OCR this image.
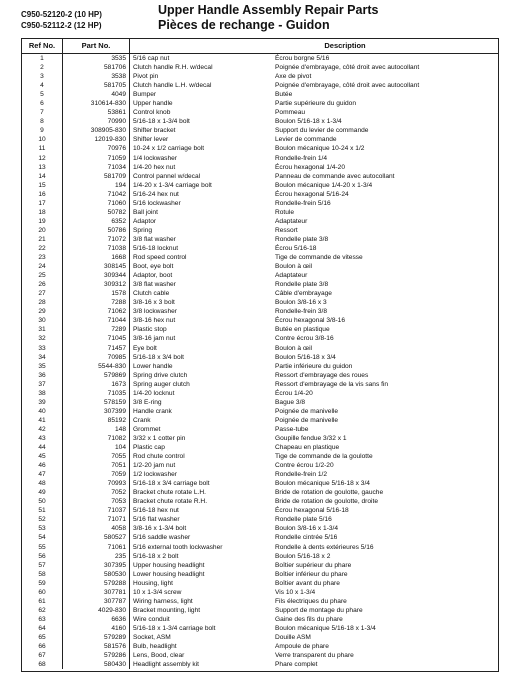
C950-52120-2 (10 HP)
C950-52112-2 (12 HP)
Upper Handle Assembly Repair Parts
Pièces de rechange - Guidon
Ref No.	Part No.	Description
1	3535	5/16 cap nut	Écrou borgne 5/16
2	581706	Clutch handle R.H. w/decal	Poignée d'embrayage, côté droit avec autocollant
3	3538	Pivot pin	Axe de pivot
4	581705	Clutch handle L.H. w/decal	Poignée d'embrayage, côté droit avec autocollant
5	4049	Bumper	Butée
6	310614-830	Upper handle	Partie supérieure du guidon
7	53861	Control knob	Pommeau
8	70990	5/16-18 x 1-3/4 bolt	Boulon 5/16-18 x 1-3/4
9	308905-830	Shifter bracket	Support du levier de commande
10	12019-830	Shifter lever	Levier de commande
11	70976	10-24 x 1/2 carriage bolt	Boulon mécanique 10-24 x 1/2
12	71059	1/4 lockwasher	Rondelle-frein 1/4
13	71034	1/4-20 hex nut	Écrou hexagonal 1/4-20
14	581709	Control pannel w/decal	Panneau de commande avec autocollant
15	194	1/4-20 x 1-3/4 carriage bolt	Boulon mécanique 1/4-20 x 1-3/4
16	71042	5/16-24 hex nut	Écrou hexagonal 5/16-24
17	71060	5/16 lockwasher	Rondelle-frein 5/16
18	50782	Ball joint	Rotule
19	6352	Adaptor	Adaptateur
20	50786	Spring	Ressort
21	71072	3/8 flat washer	Rondelle plate 3/8
22	71038	5/16-18 locknut	Écrou 5/16-18
23	1668	Rod speed control	Tige de commande de vitesse
24	308145	Boot, eye bolt	Boulon à œil
25	309344	Adaptor, boot	Adaptateur
26	309312	3/8 flat washer	Rondelle plate 3/8
27	1578	Clutch cable	Câble d'embrayage
28	7288	3/8-16 x 3 bolt	Boulon 3/8-16 x 3
29	71062	3/8 lockwasher	Rondelle-frein 3/8
30	71044	3/8-16 hex nut	Écrou hexagonal 3/8-16
31	7289	Plastic stop	Butée en plastique
32	71045	3/8-16 jam nut	Contre écrou 3/8-16
33	71457	Eye bolt	Boulon à œil
34	70985	5/16-18 x 3/4 bolt	Boulon 5/16-18 x 3/4
35	5544-830	Lower handle	Partie inférieure du guidon
36	579869	Spring drive clutch	Ressort d'embrayage des roues
37	1673	Spring auger clutch	Ressort d'embrayage de la vis sans fin
38	71035	1/4-20 locknut	Écrou 1/4-20
39	578159	3/8 E-ring	Bague 3/8
40	307399	Handle crank	Poignée de manivelle
41	85192	Crank	Poignée de manivelle
42	148	Grommet	Passe-tube
43	71082	3/32 x 1 cotter pin	Goupille fendue 3/32 x 1
44	104	Plastic cap	Chapeau en plastique
45	7055	Rod chute control	Tige de commande de la goulotte
46	7051	1/2-20 jam nut	Contre écrou 1/2-20
47	7059	1/2 lockwasher	Rondelle-frein 1/2
48	70993	5/16-18 x 3/4 carriage bolt	Boulon mécanique 5/16-18 x 3/4
49	7052	Bracket chute rotate L.H.	Bride de rotation de goulotte, gauche
50	7053	Bracket chute rotate R.H.	Bride de rotation de goulotte, droite
51	71037	5/16-18 hex nut	Écrou hexagonal 5/16-18
52	71071	5/16 flat washer	Rondelle plate 5/16
53	4058	3/8-16 x 1-3/4 bolt	Boulon 3/8-16 x 1-3/4
54	580527	5/16 saddle washer	Rondelle cintrée 5/16
55	71061	5/16 external tooth lockwasher	Rondelle à dents extérieures 5/16
56	235	5/16-18 x 2 bolt	Boulon 5/16-18 x 2
57	307395	Upper housing headlight	Boîtier supérieur du phare
58	580530	Lower housing headlight	Boîtier inférieur du phare
59	579288	Housing, light	Boîtier avant du phare
60	307781	10 x 1-3/4 screw	Vis 10 x 1-3/4
61	307787	Wiring harness, light	Fils électriques du phare
62	4029-830	Bracket mounting, light	Support de montage du phare
63	6636	Wire conduit	Gaine des fils du phare
64	4160	5/16-18 x 1-3/4 carriage bolt	Boulon mécanique 5/16-18 x 1-3/4
65	579289	Socket, ASM	Douille ASM
66	581576	Bulb, headlight	Ampoule de phare
67	579286	Lens, Bood, clear	Verre transparent du phare
68	580430	Headlight assembly kit	Phare complet
